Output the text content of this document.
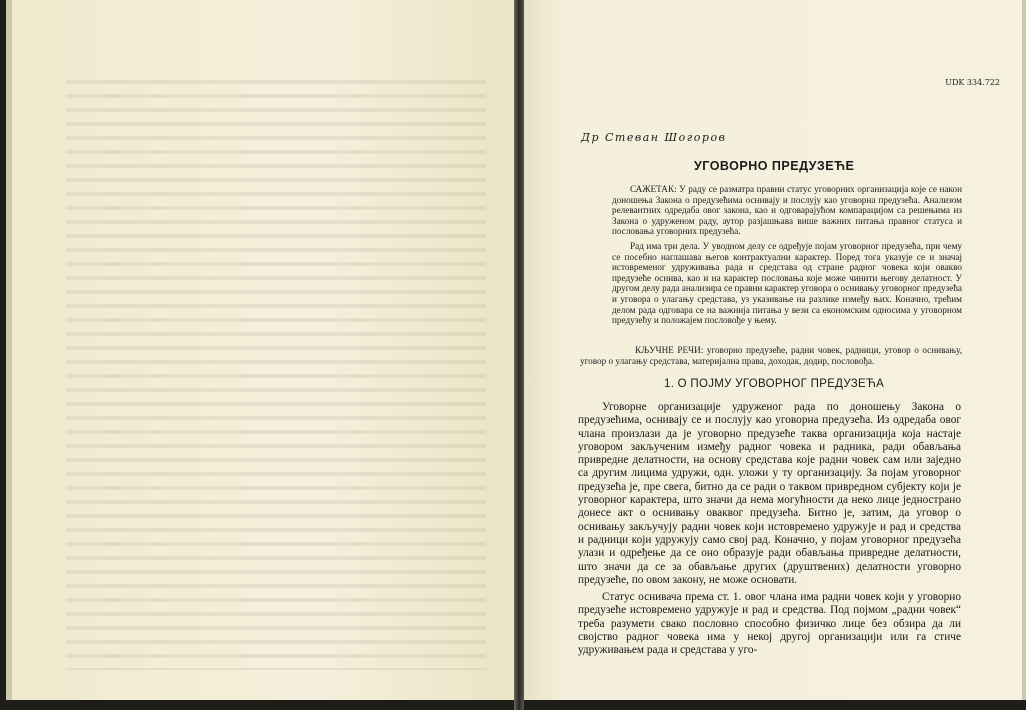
UDK 334.722
Др Стеван Шогоров
УГОВОРНО ПРЕДУЗЕЋЕ

САЖЕТАК: У раду се разматра правни статус уговорних организација које се након доношења Закона о предузећима оснивају и послују као уговорна предузећа. Анализом релевантних одредаба овог закона, као и одговарајућом компарацијом са решењима из Закона о удруженом раду, аутор разјашњава више важних питања правног статуса и пословања уговорних предузећа.

Рад има три дела. У уводном делу се одређује појам уговорног предузећа, при чему се посебно наглашава његов контрактуални карактер. Поред тога указује се и значај истовременог удруживања рада и средстава од стране радног човека који овакво предузеће оснива, као и на карактер пословања које може чинити његову делатност. У другом делу рада анализира се правни карактер уговора о оснивању уговорног предузећа и уговора о улагању средстава, уз указивање на разлике између њих. Коначно, трећим делом рада одговара се на важнија питања у вези са економским односима у уговорном предузећу и положајем пословође у њему.

КЉУЧНЕ РЕЧИ: уговорно предузеће, радни човек, радници, уговор о оснивању, уговор о улагању средстава, материјална права, доходак, додир, пословођа.

1. О ПОЈМУ УГОВОРНОГ ПРЕДУЗЕЋА

Уговорне организације удруженог рада по доношењу Закона о предузећима, оснивају се и послују као уговорна предузећа. Из одредаба овог члана произлази да је уговорно предузеће таква организација која настаје уговором закљученим између радног човека и радника, ради обављања привредне делатности, на основу средстава које радни човек сам или заједно са другим лицима удружи, одн. уложи у ту организацију. За појам уговорног предузећа је, пре свега, битно да се ради о таквом привредном субјекту који је уговорног карактера, што значи да нема могућности да неко лице једнострано донесе акт о оснивању оваквог предузећа. Битно је, затим, да уговор о оснивању закључују радни човек који истовремено удружује и рад и средства и радници који удружују само свој рад. Коначно, у појам уговорног предузећа улази и одређење да се оно образује ради обављања привредне делатности, што значи да се за обављање других (друштвених) делатности уговорно предузеће, по овом закону, не може основати.

Статус оснивача према ст. 1. овог члана има радни човек који у уговорно предузеће истовремено удружује и рад и средства. Под појмом „радни човек“ треба разумети свако пословно способно физичко лице без обзира да ли својство радног човека има у некој другој организацији или га стиче удруживањем рада и средстава у уго-
